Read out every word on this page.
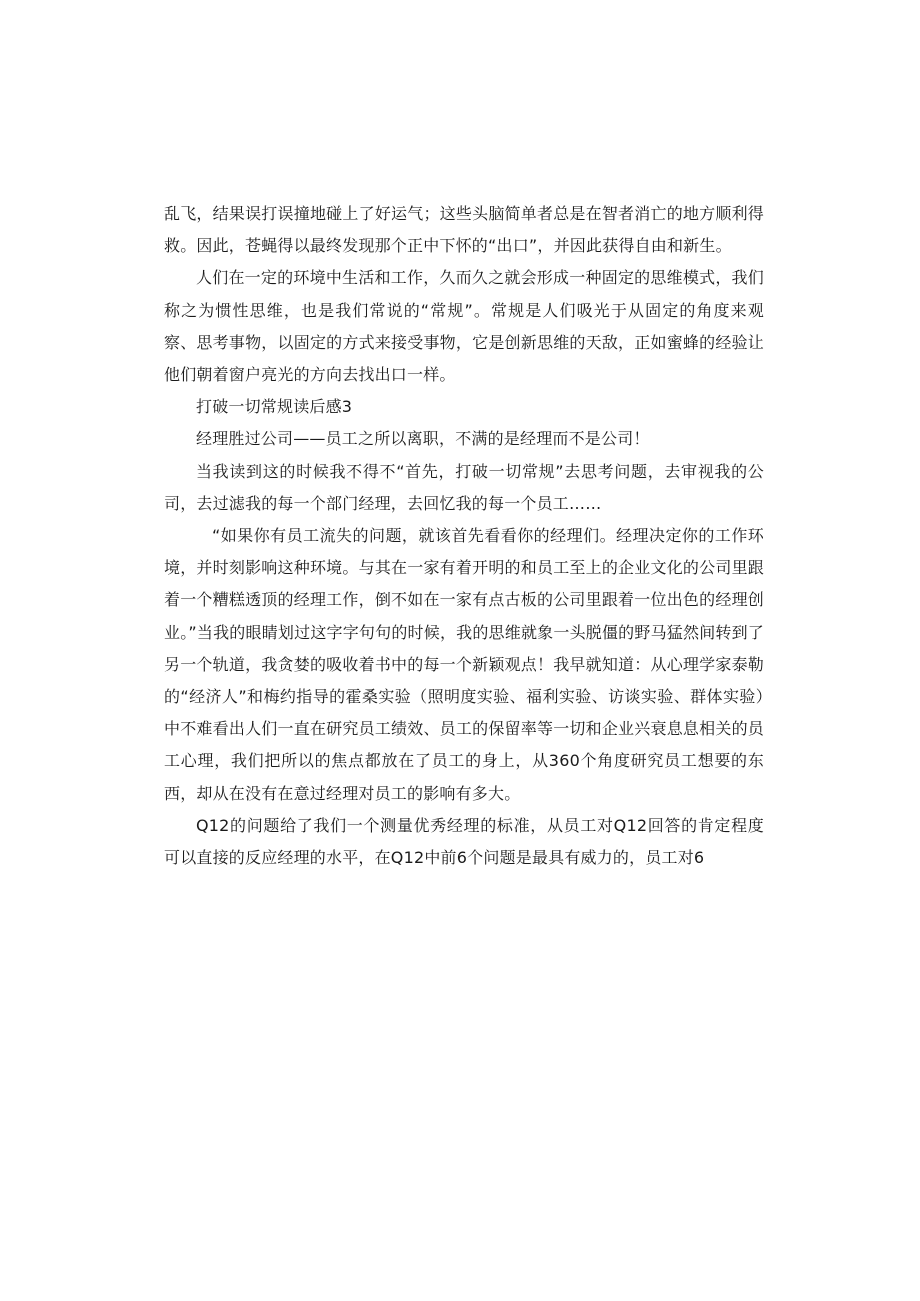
乱飞，结果误打误撞地碰上了好运气；这些头脑简单者总是在智者消亡的地方顺利得救。因此，苍蝇得以最终发现那个正中下怀的“出口”，并因此获得自由和新生。

人们在一定的环境中生活和工作，久而久之就会形成一种固定的思维模式，我们称之为惯性思维，也是我们常说的“常规”。常规是人们吸光于从固定的角度来观察、思考事物，以固定的方式来接受事物，它是创新思维的天敌，正如蜜蜂的经验让他们朝着窗户亮光的方向去找出口一样。

打破一切常规读后感3

经理胜过公司——员工之所以离职，不满的是经理而不是公司！

当我读到这的时候我不得不“首先，打破一切常规”去思考问题，去审视我的公司，去过滤我的每一个部门经理，去回忆我的每一个员工……

“如果你有员工流失的问题，就该首先看看你的经理们。经理决定你的工作环境，并时刻影响这种环境。与其在一家有着开明的和员工至上的企业文化的公司里跟着一个糟糕透顶的经理工作，倒不如在一家有点古板的公司里跟着一位出色的经理创业。”当我的眼睛划过这字字句句的时候，我的思维就象一头脱僵的野马猛然间转到了另一个轨道，我贪婪的吸收着书中的每一个新颖观点！我早就知道：从心理学家泰勒的“经济人”和梅约指导的霍桑实验（照明度实验、福利实验、访谈实验、群体实验）中不难看出人们一直在研究员工绩效、员工的保留率等一切和企业兴衰息息相关的员工心理，我们把所以的焦点都放在了员工的身上，从360个角度研究员工想要的东西，却从在没有在意过经理对员工的影响有多大。

Q12的问题给了我们一个测量优秀经理的标准，从员工对Q12回答的肯定程度可以直接的反应经理的水平，在Q12中前6个问题是最具有威力的，员工对6
